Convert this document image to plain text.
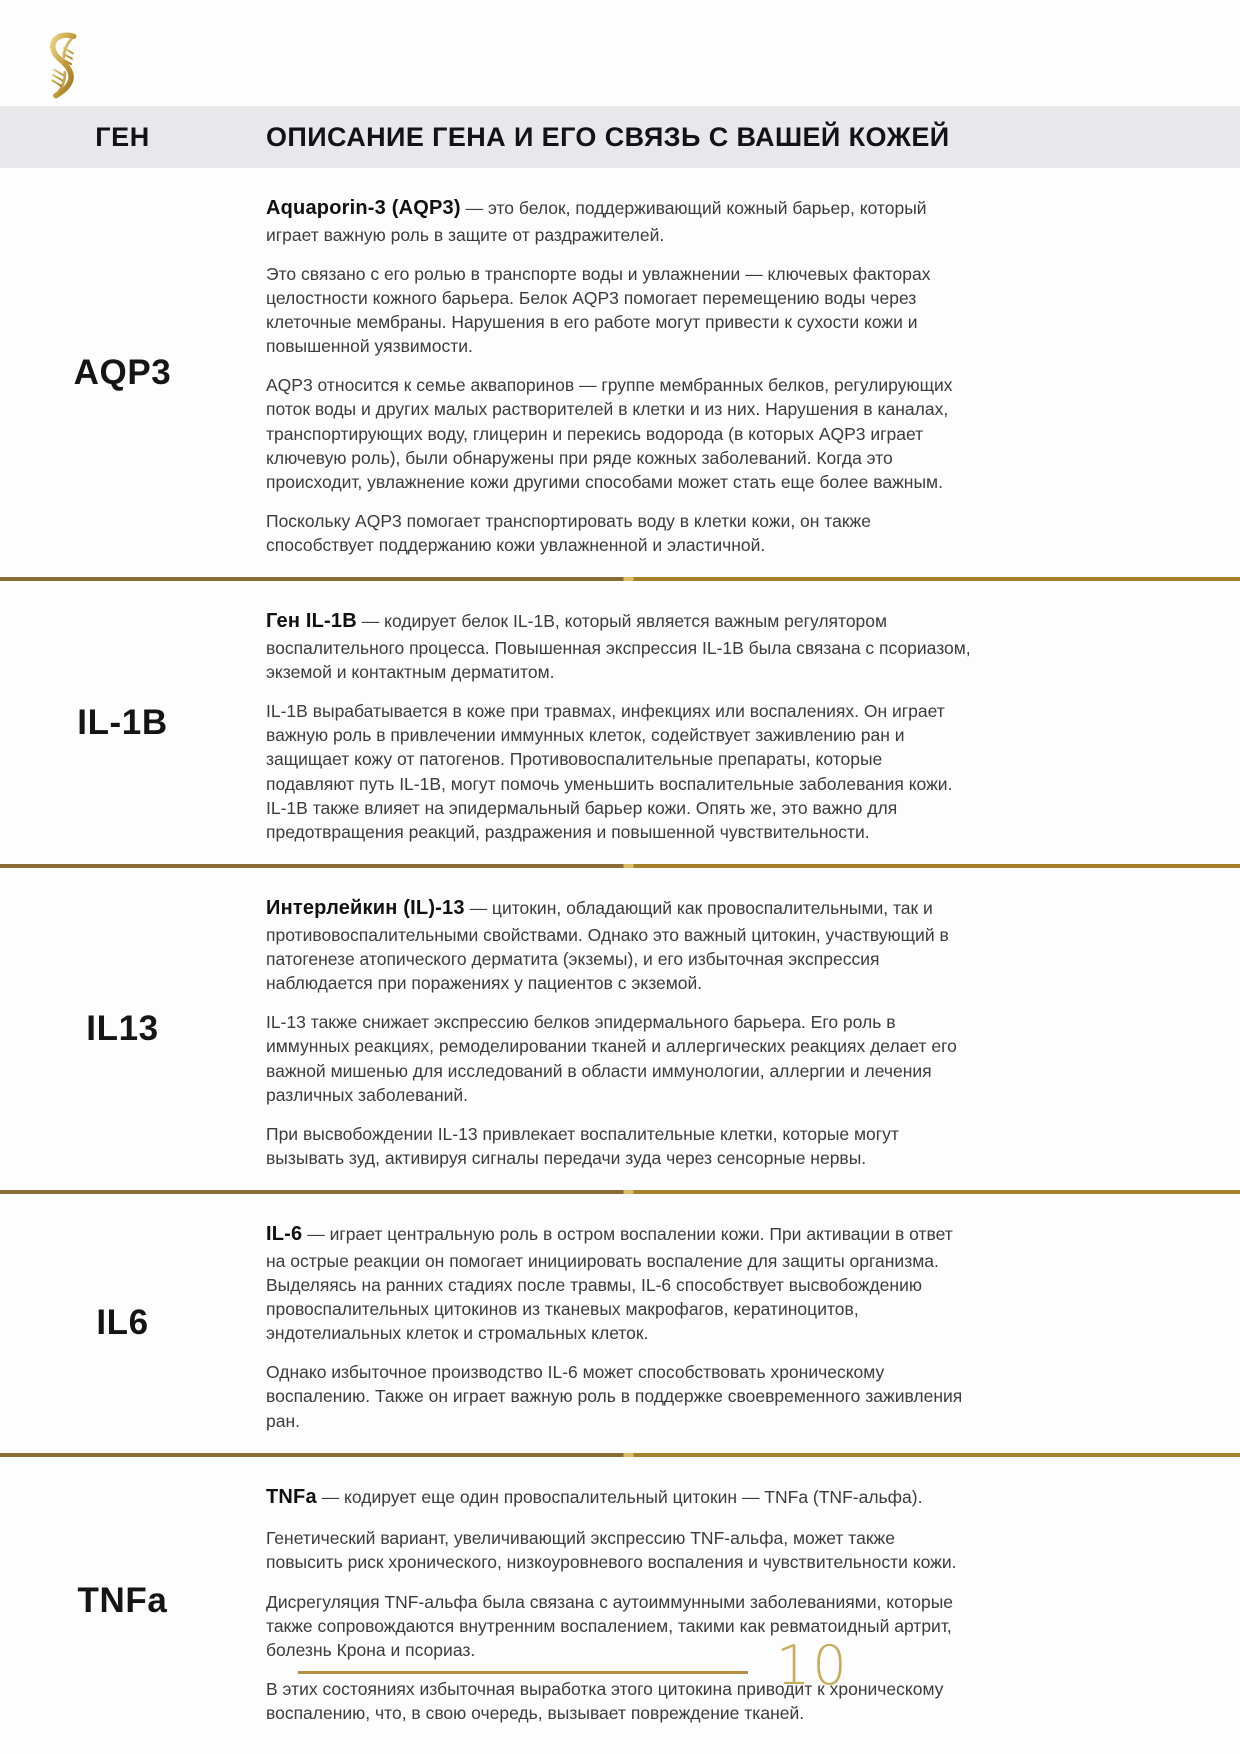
ГЕН	ОПИСАНИЕ ГЕНА И ЕГО СВЯЗЬ С ВАШЕЙ КОЖЕЙ
AQP3

Aquaporin-3 (AQP3) — это белок, поддерживающий кожный барьер, который играет важную роль в защите от раздражителей.

Это связано с его ролью в транспорте воды и увлажнении — ключевых факторах целостности кожного барьера. Белок AQP3 помогает перемещению воды через клеточные мембраны. Нарушения в его работе могут привести к сухости кожи и повышенной уязвимости.

AQP3 относится к семье аквапоринов — группе мембранных белков, регулирующих поток воды и других малых растворителей в клетки и из них. Нарушения в каналах, транспортирующих воду, глицерин и перекись водорода (в которых AQP3 играет ключевую роль), были обнаружены при ряде кожных заболеваний. Когда это происходит, увлажнение кожи другими способами может стать еще более важным.

Поскольку AQP3 помогает транспортировать воду в клетки кожи, он также способствует поддержанию кожи увлажненной и эластичной.

IL-1B

Ген IL-1B — кодирует белок IL-1B, который является важным регулятором воспалительного процесса. Повышенная экспрессия IL-1B была связана с псориазом, экземой и контактным дерматитом.

IL-1B вырабатывается в коже при травмах, инфекциях или воспалениях. Он играет важную роль в привлечении иммунных клеток, содействует заживлению ран и защищает кожу от патогенов. Противовоспалительные препараты, которые подавляют путь IL-1B, могут помочь уменьшить воспалительные заболевания кожи. IL-1B также влияет на эпидермальный барьер кожи. Опять же, это важно для предотвращения реакций, раздражения и повышенной чувствительности.

IL13

Интерлейкин (IL)-13 — цитокин, обладающий как провоспалительными, так и противовоспалительными свойствами. Однако это важный цитокин, участвующий в патогенезе атопического дерматита (экземы), и его избыточная экспрессия наблюдается при поражениях у пациентов с экземой.

IL-13 также снижает экспрессию белков эпидермального барьера. Его роль в иммунных реакциях, ремоделировании тканей и аллергических реакциях делает его важной мишенью для исследований в области иммунологии, аллергии и лечения различных заболеваний.

При высвобождении IL-13 привлекает воспалительные клетки, которые могут вызывать зуд, активируя сигналы передачи зуда через сенсорные нервы.

IL6

IL-6 — играет центральную роль в остром воспалении кожи. При активации в ответ на острые реакции он помогает инициировать воспаление для защиты организма. Выделяясь на ранних стадиях после травмы, IL-6 способствует высвобождению провоспалительных цитокинов из тканевых макрофагов, кератиноцитов, эндотелиальных клеток и стромальных клеток.

Однако избыточное производство IL-6 может способствовать хроническому воспалению. Также он играет важную роль в поддержке своевременного заживления ран.

TNFa

TNFa — кодирует еще один провоспалительный цитокин — TNFa (TNF-альфа).

Генетический вариант, увеличивающий экспрессию TNF-альфа, может также повысить риск хронического, низкоуровневого воспаления и чувствительности кожи.

Дисрегуляция TNF-альфа была связана с аутоиммунными заболеваниями, которые также сопровождаются внутренним воспалением, такими как ревматоидный артрит, болезнь Крона и псориаз.

В этих состояниях избыточная выработка этого цитокина приводит к хроническому воспалению, что, в свою очередь, вызывает повреждение тканей.

10
